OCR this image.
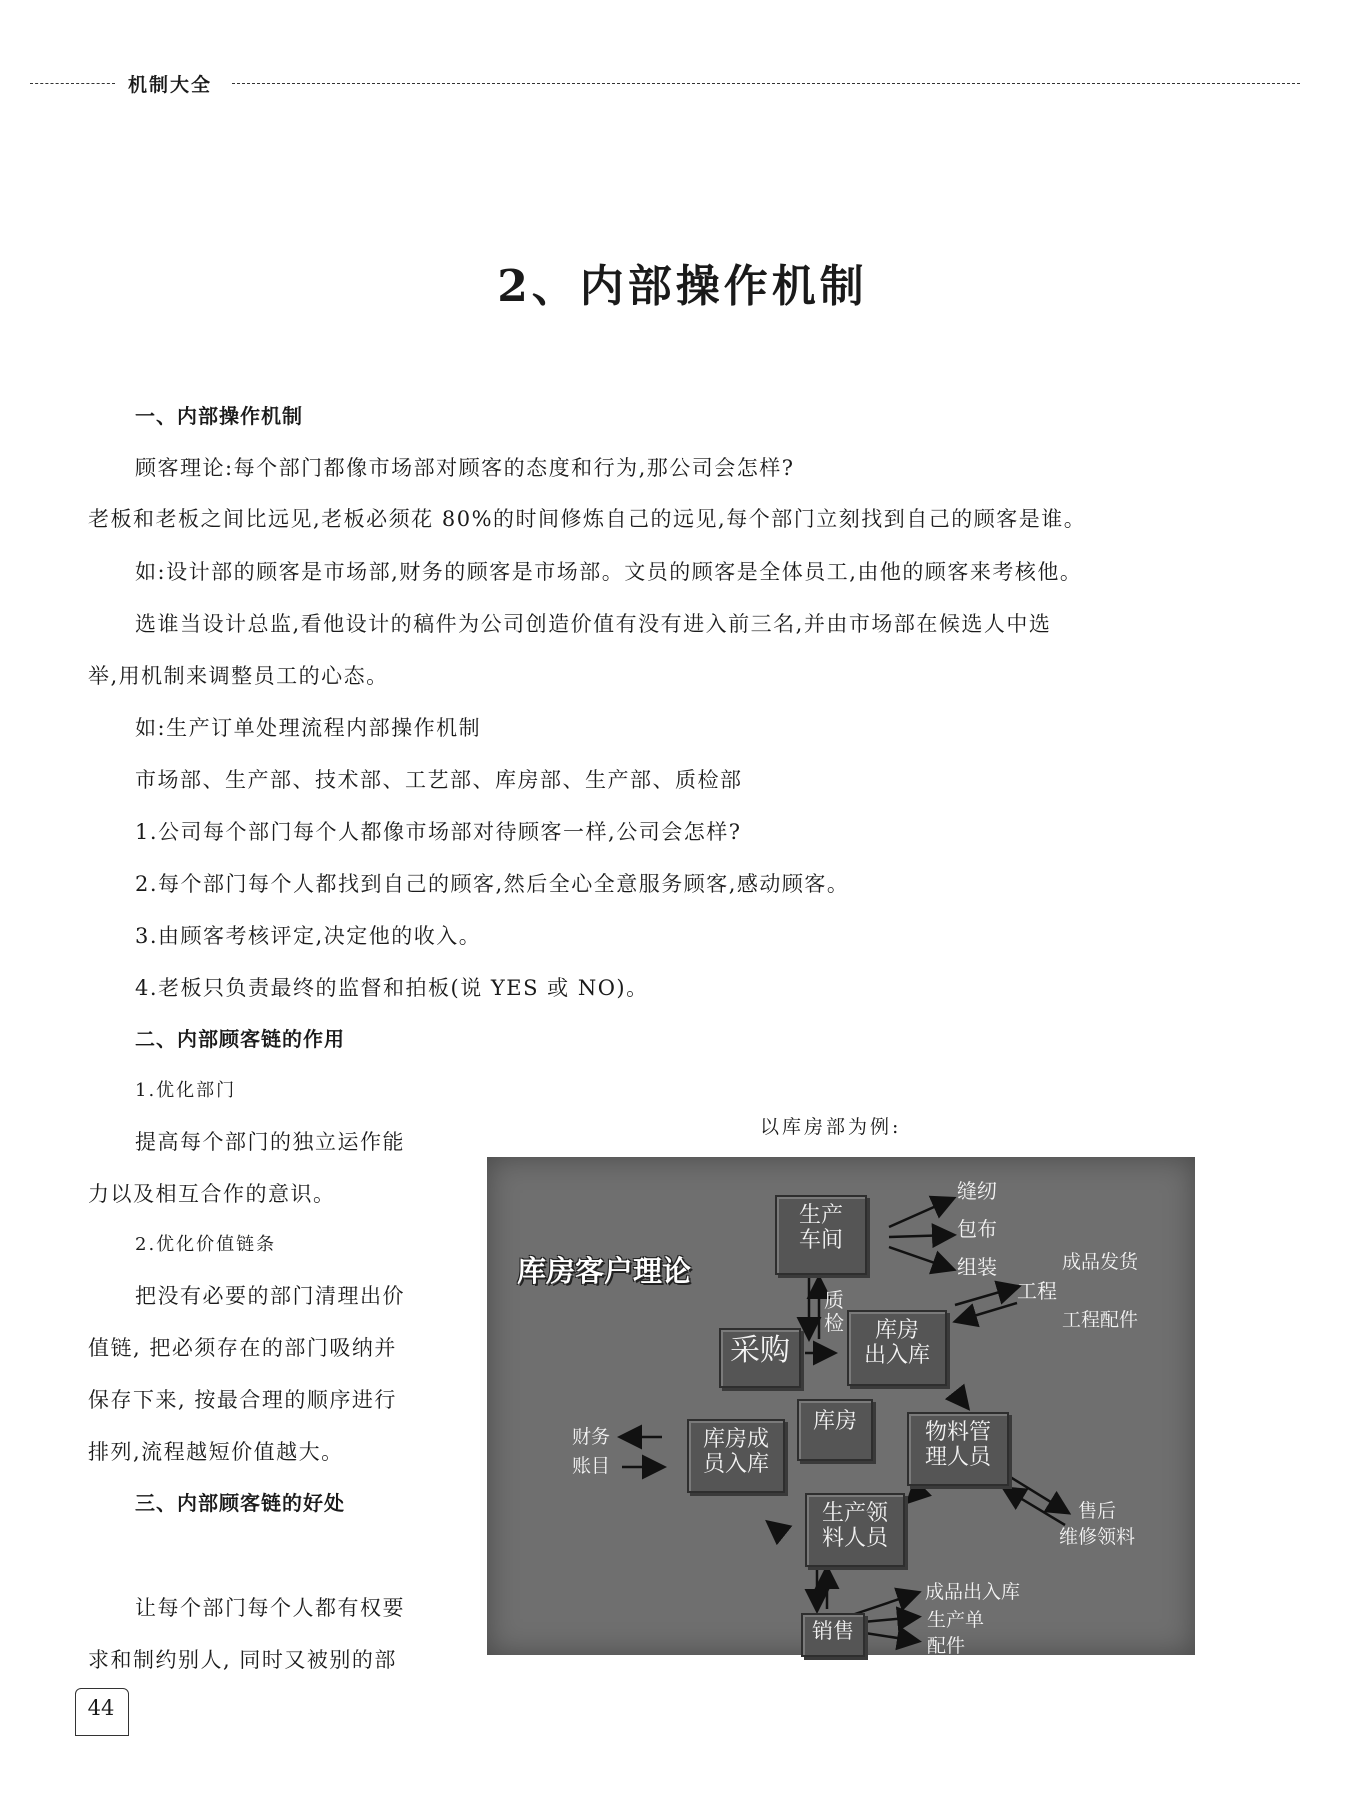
机制大全
2、内部操作机制
一、内部操作机制
顾客理论:每个部门都像市场部对顾客的态度和行为,那公司会怎样?
老板和老板之间比远见,老板必须花 80%的时间修炼自己的远见,每个部门立刻找到自己的顾客是谁。
如:设计部的顾客是市场部,财务的顾客是市场部。文员的顾客是全体员工,由他的顾客来考核他。
选谁当设计总监,看他设计的稿件为公司创造价值有没有进入前三名,并由市场部在候选人中选
举,用机制来调整员工的心态。
如:生产订单处理流程内部操作机制
市场部、生产部、技术部、工艺部、库房部、生产部、质检部
1.公司每个部门每个人都像市场部对待顾客一样,公司会怎样?
2.每个部门每个人都找到自己的顾客,然后全心全意服务顾客,感动顾客。
3.由顾客考核评定,决定他的收入。
4.老板只负责最终的监督和拍板(说 YES 或 NO)。
二、内部顾客链的作用
1.优化部门
提高每个部门的独立运作能
力以及相互合作的意识。
2.优化价值链条
把没有必要的部门清理出价
值链, 把必须存在的部门吸纳并
保存下来, 按最合理的顺序进行
排列,流程越短价值越大。
三、内部顾客链的好处
让每个部门每个人都有权要
求和制约别人, 同时又被别的部
以库房部为例:
库房客户理论
生产
车间
库房
出入库
采购
库房	物料管
理人员
库房成
员入库
生产领
料人员
销售
缝纫
包布
组装	成品发货
工程
工程配件
质
检
财务
账目
售后
维修领料
成品出入库
生产单
配件
44
